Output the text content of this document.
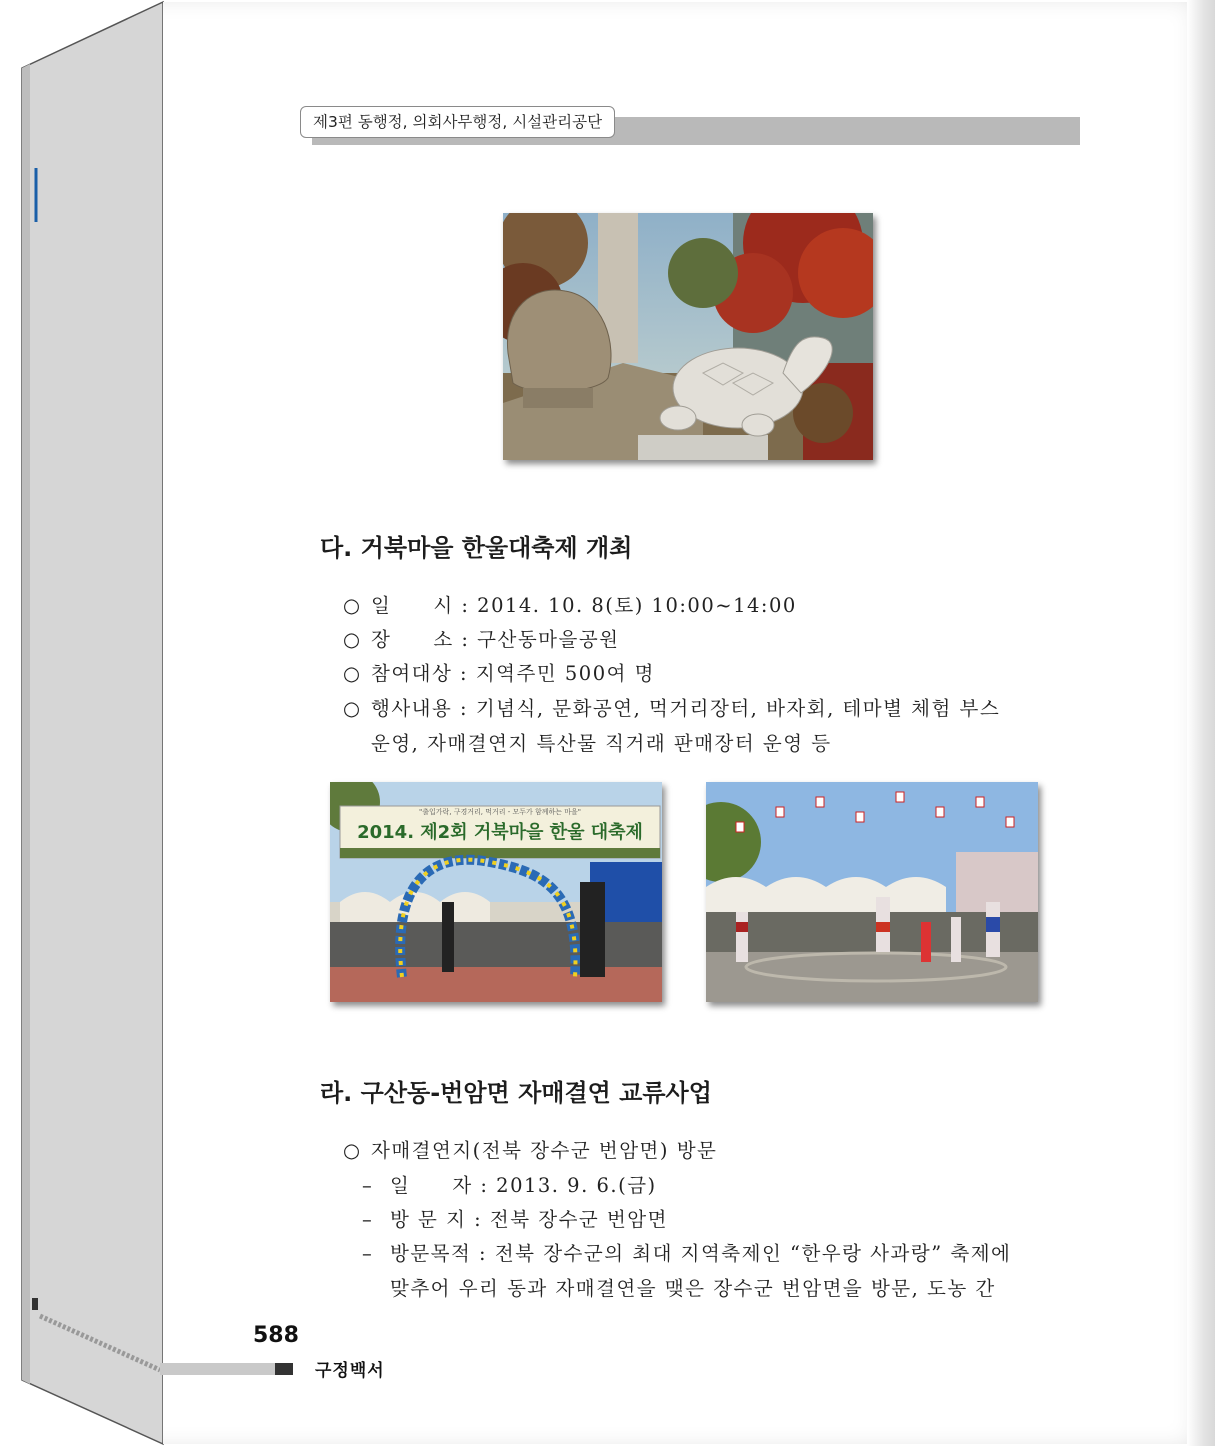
제3편 동행정, 의회사무행정, 시설관리공단
다. 거북마을 한울대축제 개최
○ 일　　시 : 2014. 10. 8(토) 10:00~14:00
○ 장　　소 : 구산동마을공원
○ 참여대상 : 지역주민 500여 명
○ 행사내용 : 기념식, 문화공연, 먹거리장터, 바자회, 테마별 체험 부스
운영, 자매결연지 특산물 직거래 판매장터 운영 등
"출입가락, 구경거리, 먹거리 - 모두가 함께하는 마을"
2014. 제2회 거북마을 한울 대축제
라. 구산동-번암면 자매결연 교류사업
○ 자매결연지(전북 장수군 번암면) 방문
– 일　　자 : 2013. 9. 6.(금)
– 방 문 지 : 전북 장수군 번암면
– 방문목적 : 전북 장수군의 최대 지역축제인 “한우랑 사과랑” 축제에
맞추어 우리 동과 자매결연을 맺은 장수군 번암면을 방문, 도농 간
588
구정백서
